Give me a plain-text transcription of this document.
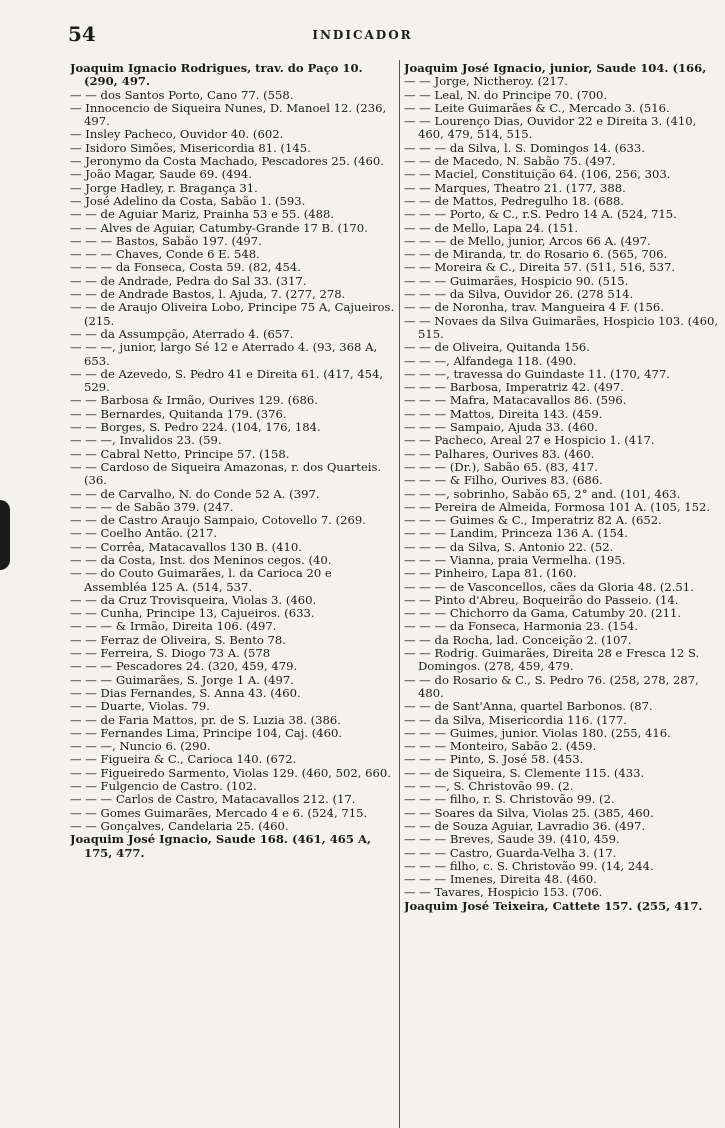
54	INDICADOR
Joaquim Ignacio Rodrigues, trav. do Paço 10. (290, 497.
— — dos Santos Porto, Cano 77. (558.
— Innocencio de Siqueira Nunes, D. Manoel 12. (236, 497.
— Insley Pacheco, Ouvidor 40. (602.
— Isidoro Simões, Misericordia 81. (145.
— Jeronymo da Costa Machado, Pescadores 25. (460.
— João Magar, Saude 69. (494.
— Jorge Hadley, r. Bragança 31.
— José Adelino da Costa, Sabão 1. (593.
— — de Aguiar Mariz, Prainha 53 e 55. (488.
— — Alves de Aguiar, Catumby-Grande 17 B. (170.
— — — Bastos, Sabão 197. (497.
— — — Chaves, Conde 6 E. 548.
— — — da Fonseca, Costa 59. (82, 454.
— — de Andrade, Pedra do Sal 33. (317.
— — de Andrade Bastos, l. Ajuda, 7. (277, 278.
— — de Araujo Oliveira Lobo, Principe 75 A, Cajueiros. (215.
— — da Assumpção, Aterrado 4. (657.
— — —, junior, largo Sé 12 e Aterrado 4. (93, 368 A, 653.
— — de Azevedo, S. Pedro 41 e Direita 61. (417, 454, 529.
— — Barbosa & Irmão, Ourives 129. (686.
— — Bernardes, Quitanda 179. (376.
— — Borges, S. Pedro 224. (104, 176, 184.
— — —, Invalidos 23. (59.
— — Cabral Netto, Principe 57. (158.
— — Cardoso de Siqueira Amazonas, r. dos Quarteis. (36.
— — de Carvalho, N. do Conde 52 A. (397.
— — — de Sabão 379. (247.
— — de Castro Araujo Sampaio, Cotovello 7. (269.
— — Coelho Antão. (217.
— — Corrêa, Matacavallos 130 B. (410.
— — da Costa, Inst. dos Meninos cegos. (40.
— — do Couto Guimarães, l. da Carioca 20 e Assembléa 125 A. (514, 537.
— — da Cruz Trovisqueira, Violas 3. (460.
— — Cunha, Principe 13, Cajueiros. (633.
— — — & Irmão, Direita 106. (497.
— — Ferraz de Oliveira, S. Bento 78.
— — Ferreira, S. Diogo 73 A. (578
— — — Pescadores 24. (320, 459, 479.
— — — Guimarães, S. Jorge 1 A. (497.
— — Dias Fernandes, S. Anna 43. (460.
— — Duarte, Violas. 79.
— — de Faria Mattos, pr. de S. Luzia 38. (386.
— — Fernandes Lima, Principe 104, Caj. (460.
— — —, Nuncio 6. (290.
— — Figueira & C., Carioca 140. (672.
— — Figueiredo Sarmento, Violas 129. (460, 502, 660.
— — Fulgencio de Castro. (102.
— — — Carlos de Castro, Matacavallos 212. (17.
— — Gomes Guimarães, Mercado 4 e 6. (524, 715.
— — Gonçalves, Candelaria 25. (460.
Joaquim José Ignacio, Saude 168. (461, 465 A, 175, 477.
Joaquim José Ignacio, junior, Saude 104. (166,
— — Jorge, Nictheroy. (217.
— — Leal, N. do Principe 70. (700.
— — Leite Guimarães & C., Mercado 3. (516.
— — Lourenço Dias, Ouvidor 22 e Direita 3. (410, 460, 479, 514, 515.
— — — da Silva, l. S. Domingos 14. (633.
— — de Macedo, N. Sabão 75. (497.
— — Maciel, Constituição 64. (106, 256, 303.
— — Marques, Theatro 21. (177, 388.
— — de Mattos, Pedregulho 18. (688.
— — — Porto, & C., r.S. Pedro 14 A. (524, 715.
— — de Mello, Lapa 24. (151.
— — — de Mello, junior, Arcos 66 A. (497.
— — de Miranda, tr. do Rosario 6. (565, 706.
— — Moreira & C., Direita 57. (511, 516, 537.
— — — Guimarães, Hospicio 90. (515.
— — — da Silva, Ouvidor 26. (278 514.
— — de Noronha, trav. Mangueira 4 F. (156.
— — Novaes da Silva Guimarães, Hospicio 103. (460, 515.
— — de Oliveira, Quitanda 156.
— — —, Alfandega 118. (490.
— — —, travessa do Guindaste 11. (170, 477.
— — — Barbosa, Imperatriz 42. (497.
— — — Mafra, Matacavallos 86. (596.
— — — Mattos, Direita 143. (459.
— — — Sampaio, Ajuda 33. (460.
— — Pacheco, Areal 27 e Hospicio 1. (417.
— — Palhares, Ourives 83. (460.
— — — (Dr.), Sabão 65. (83, 417.
— — — & Filho, Ourives 83. (686.
— — —, sobrinho, Sabão 65, 2° and. (101, 463.
— — Pereira de Almeida, Formosa 101 A. (105, 152.
— — — Guimes & C., Imperatriz 82 A. (652.
— — — Landim, Princeza 136 A. (154.
— — — da Silva, S. Antonio 22. (52.
— — — Vianna, praia Vermelha. (195.
— — Pinheiro, Lapa 81. (160.
— — — de Vasconcellos, cães da Gloria 48. (2.51.
— — Pinto d'Abreu, Boqueirão do Passeio. (14.
— — — Chichorro da Gama, Catumby 20. (211.
— — — da Fonseca, Harmonia 23. (154.
— — da Rocha, lad. Conceição 2. (107.
— — Rodrig. Guimarães, Direita 28 e Fresca 12 S. Domingos. (278, 459, 479.
— — do Rosario & C., S. Pedro 76. (258, 278, 287, 480.
— — de Sant'Anna, quartel Barbonos. (87.
— — da Silva, Misericordia 116. (177.
— — — Guimes, junior. Violas 180. (255, 416.
— — — Monteiro, Sabão 2. (459.
— — — Pinto, S. José 58. (453.
— — de Siqueira, S. Clemente 115. (433.
— — —, S. Christovão 99. (2.
— — — filho, r. S. Christovão 99. (2.
— — Soares da Silva, Violas 25. (385, 460.
— — de Souza Aguiar, Lavradio 36. (497.
— — — Breves, Saude 39. (410, 459.
— — — Castro, Guarda-Velha 3. (17.
— — — filho, c. S. Christovão 99. (14, 244.
— — — Imenes, Direita 48. (460.
— — Tavares, Hospicio 153. (706.
Joaquim José Teixeira, Cattete 157. (255, 417.
